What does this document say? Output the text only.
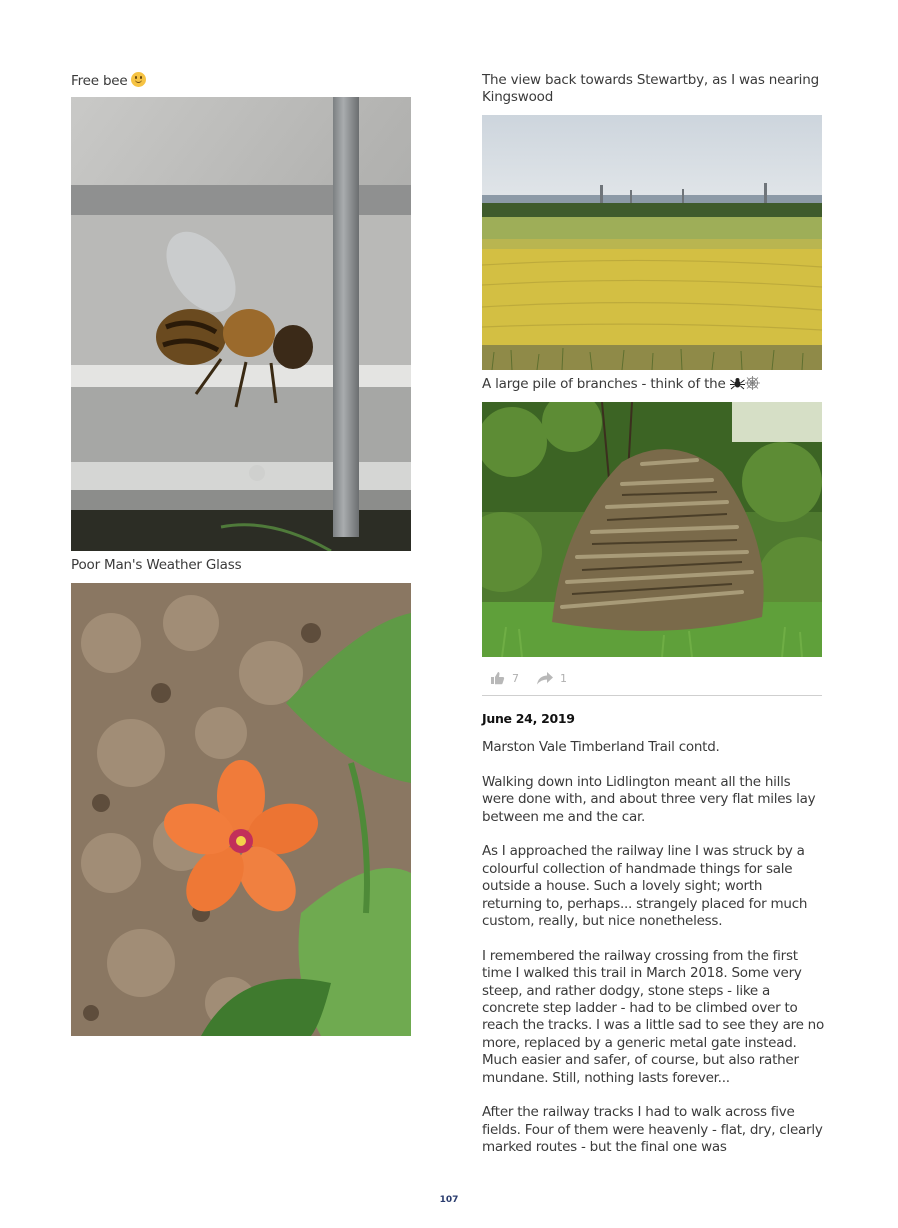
Free bee
Poor Man's Weather Glass
The view back towards Stewartby, as I was nearing Kingswood
A large pile of branches - think of the
7	1
June 24, 2019

Marston Vale Timberland Trail contd.

Walking down into Lidlington meant all the hills were done with, and about three very flat miles lay between me and the car.

As I approached the railway line I was struck by a colourful collection of handmade things for sale outside a house. Such a lovely sight; worth returning to, perhaps... strangely placed for much custom, really, but nice nonetheless.

I remembered the railway crossing from the first time I walked this trail in March 2018. Some very steep, and rather dodgy, stone steps - like a concrete step ladder - had to be climbed over to reach the tracks. I was a little sad to see they are no more, replaced by a generic metal gate instead. Much easier and safer, of course, but also rather mundane. Still, nothing lasts forever...

After the railway tracks I had to walk across five fields. Four of them were heavenly - flat, dry, clearly marked routes - but the final one was

107
